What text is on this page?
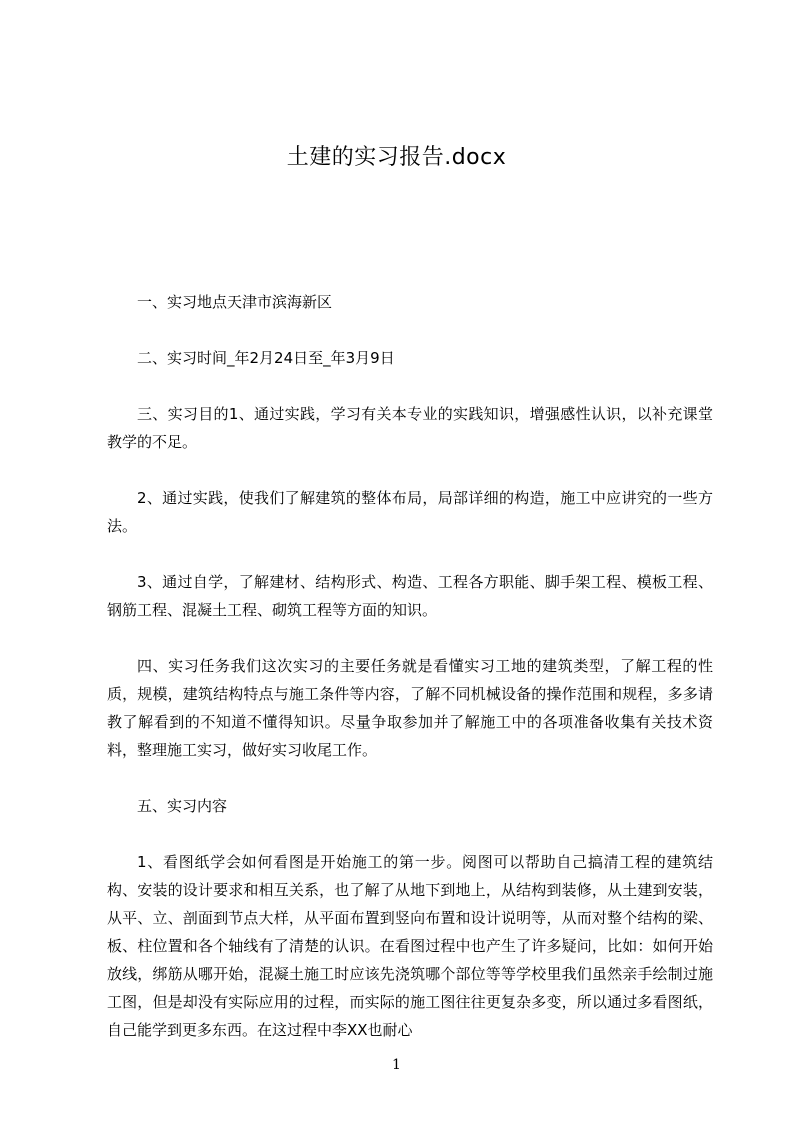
土建的实习报告.docx

一、实习地点天津市滨海新区

二、实习时间_年2月24日至_年3月9日

三、实习目的1、通过实践，学习有关本专业的实践知识，增强感性认识，以补充课堂教学的不足。

2、通过实践，使我们了解建筑的整体布局，局部详细的构造，施工中应讲究的一些方法。

3、通过自学，了解建材、结构形式、构造、工程各方职能、脚手架工程、模板工程、钢筋工程、混凝土工程、砌筑工程等方面的知识。

四、实习任务我们这次实习的主要任务就是看懂实习工地的建筑类型，了解工程的性质，规模，建筑结构特点与施工条件等内容，了解不同机械设备的操作范围和规程，多多请教了解看到的不知道不懂得知识。尽量争取参加并了解施工中的各项准备收集有关技术资料，整理施工实习，做好实习收尾工作。

五、实习内容

1、看图纸学会如何看图是开始施工的第一步。阅图可以帮助自己搞清工程的建筑结构、安装的设计要求和相互关系，也了解了从地下到地上，从结构到装修，从土建到安装，从平、立、剖面到节点大样，从平面布置到竖向布置和设计说明等，从而对整个结构的梁、板、柱位置和各个轴线有了清楚的认识。在看图过程中也产生了许多疑问，比如：如何开始放线，绑筋从哪开始，混凝土施工时应该先浇筑哪个部位等等学校里我们虽然亲手绘制过施工图，但是却没有实际应用的过程，而实际的施工图往往更复杂多变，所以通过多看图纸，自己能学到更多东西。在这过程中李XX也耐心

1
